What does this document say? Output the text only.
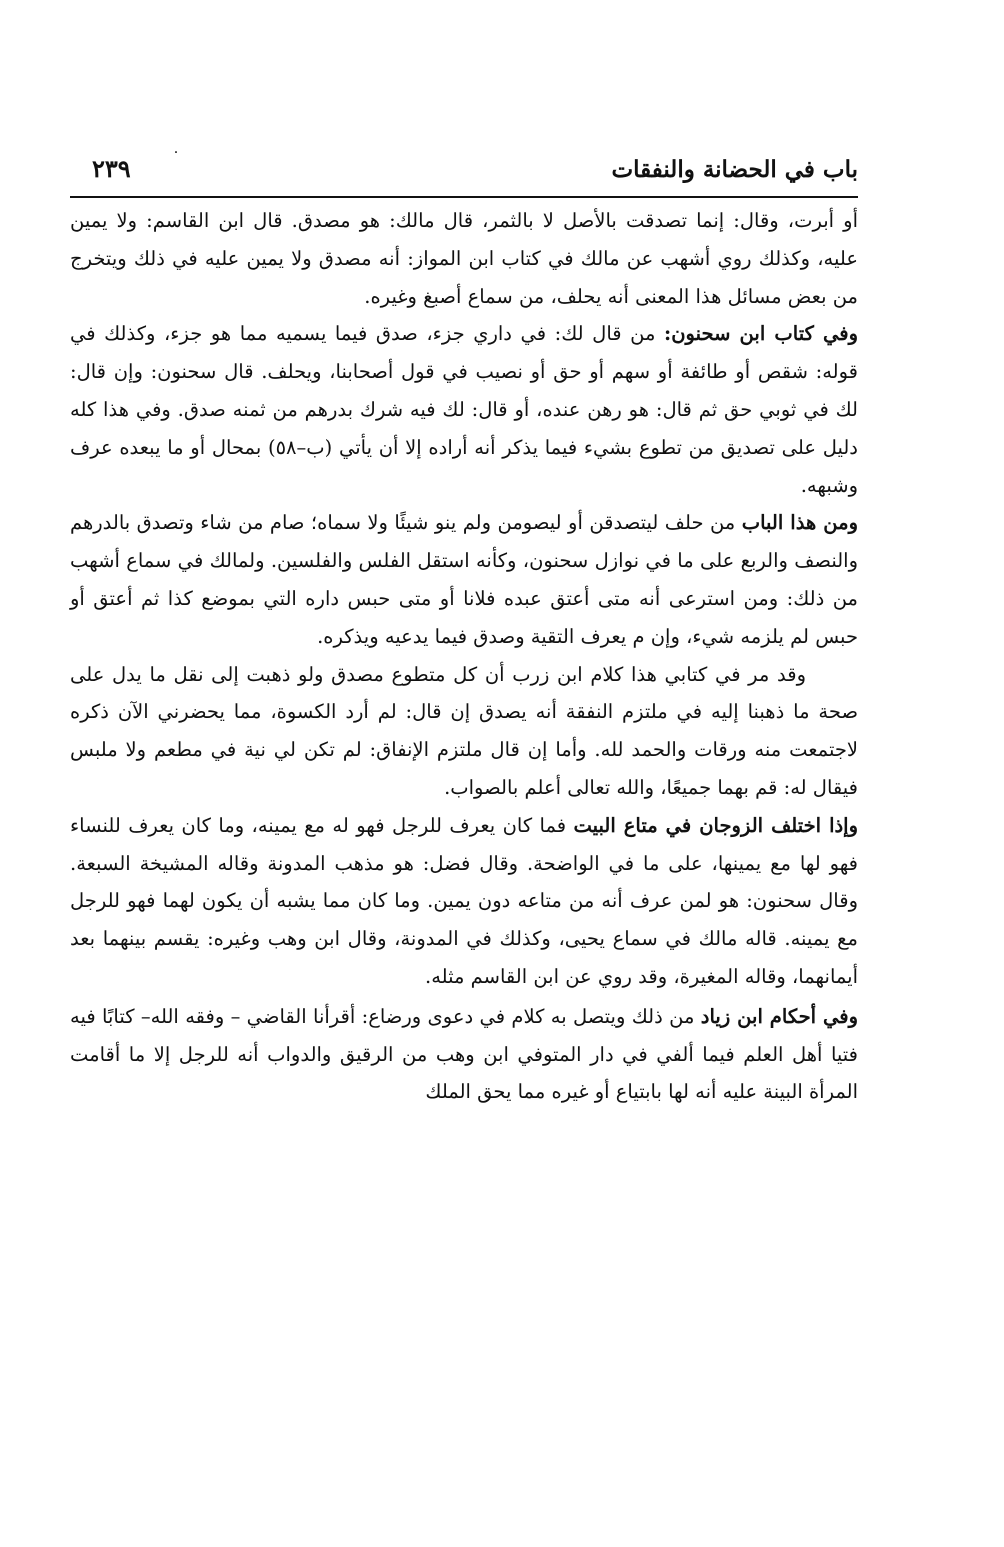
باب في الحضانة والنفقات
٢٣٩

أو أبرت، وقال: إنما تصدقت بالأصل لا بالثمر، قال مالك: هو مصدق. قال ابن القاسم: ولا يمين عليه، وكذلك روي أشهب عن مالك في كتاب ابن المواز: أنه مصدق ولا يمين عليه في ذلك ويتخرج من بعض مسائل هذا المعنى أنه يحلف، من سماع أصبغ وغيره.

وفي كتاب ابن سحنون: من قال لك: في داري جزء، صدق فيما يسميه مما هو جزء، وكذلك في قوله: شقص أو طائفة أو سهم أو حق أو نصيب في قول أصحابنا، ويحلف. قال سحنون: وإن قال: لك في ثوبي حق ثم قال: هو رهن عنده، أو قال: لك فيه شرك بدرهم من ثمنه صدق. وفي هذا كله دليل على تصديق من تطوع بشيء فيما يذكر أنه أراده إلا أن يأتي (ب–٥٨) بمحال أو ما يبعده عرف وشبهه.

ومن هذا الباب من حلف ليتصدقن أو ليصومن ولم ينو شيئًا ولا سماه؛ صام من شاء وتصدق بالدرهم والنصف والربع على ما في نوازل سحنون، وكأنه استقل الفلس والفلسين. ولمالك في سماع أشهب من ذلك: ومن استرعى أنه متى أعتق عبده فلانا أو متى حبس داره التي بموضع كذا ثم أعتق أو حبس لم يلزمه شيء، وإن م يعرف التقية وصدق فيما يدعيه ويذكره.

وقد مر في كتابي هذا كلام ابن زرب أن كل متطوع مصدق ولو ذهبت إلى نقل ما يدل على صحة ما ذهبنا إليه في ملتزم النفقة أنه يصدق إن قال: لم أرد الكسوة، مما يحضرني الآن ذكره لاجتمعت منه ورقات والحمد لله. وأما إن قال ملتزم الإنفاق: لم تكن لي نية في مطعم ولا ملبس فيقال له: قم بهما جميعًا، والله تعالى أعلم بالصواب.

وإذا اختلف الزوجان في متاع البيت فما كان يعرف للرجل فهو له مع يمينه، وما كان يعرف للنساء فهو لها مع يمينها، على ما في الواضحة. وقال فضل: هو مذهب المدونة وقاله المشيخة السبعة. وقال سحنون: هو لمن عرف أنه من متاعه دون يمين. وما كان مما يشبه أن يكون لهما فهو للرجل مع يمينه. قاله مالك في سماع يحيى، وكذلك في المدونة، وقال ابن وهب وغيره: يقسم بينهما بعد أيمانهما، وقاله المغيرة، وقد روي عن ابن القاسم مثله.

وفي أحكام ابن زياد من ذلك ويتصل به كلام في دعوى ورضاع: أقرأنا القاضي – وفقه الله– كتابًا فيه فتيا أهل العلم فيما ألفي في دار المتوفي ابن وهب من الرقيق والدواب أنه للرجل إلا ما أقامت المرأة البينة عليه أنه لها بابتياع أو غيره مما يحق الملك
